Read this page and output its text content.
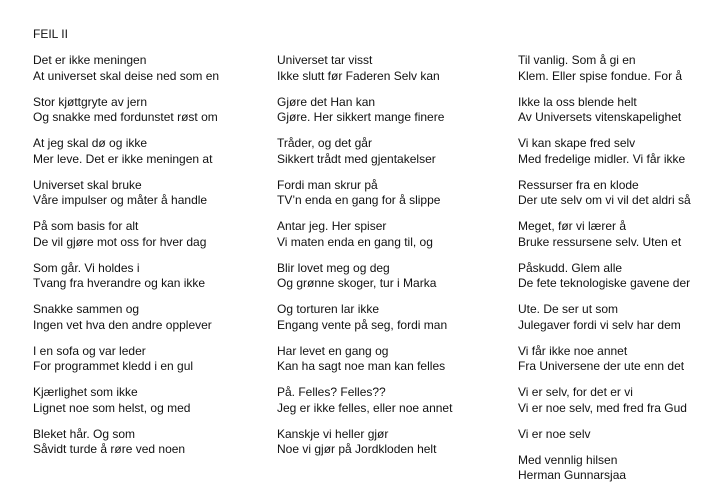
FEIL II
Det er ikke meningen
At universet skal deise ned som en
Stor kjøttgryte av jern
Og snakke med fordunstet røst om
At jeg skal dø og ikke
Mer leve. Det er ikke meningen at
Universet skal bruke
Våre impulser og måter å handle
På som basis for alt
De vil gjøre mot oss for hver dag
Som går. Vi holdes i
Tvang fra hverandre og kan ikke
Snakke sammen og
Ingen vet hva den andre opplever
I en sofa og var leder
For programmet kledd i en gul
Kjærlighet som ikke
Lignet noe som helst, og med
Bleket hår. Og som
Såvidt turde å røre ved noen
Universet tar visst
Ikke slutt før Faderen Selv kan
Gjøre det Han kan
Gjøre. Her sikkert mange finere
Tråder, og det går
Sikkert trådt med gjentakelser
Fordi man skrur på
TV’n enda en gang for å slippe
Antar jeg. Her spiser
Vi maten enda en gang til, og
Blir lovet meg og deg
Og grønne skoger, tur i Marka
Og torturen lar ikke
Engang vente på seg, fordi man
Har levet en gang og
Kan ha sagt noe man kan felles
På. Felles? Felles??
Jeg er ikke felles, eller noe annet
Kanskje vi heller gjør
Noe vi gjør på Jordkloden helt
Til vanlig. Som å gi en
Klem. Eller spise fondue. For å
Ikke la oss blende helt
Av Universets vitenskapelighet
Vi kan skape fred selv
Med fredelige midler. Vi får ikke
Ressurser fra en klode
Der ute selv om vi vil det aldri så
Meget, før vi lærer å
Bruke ressursene selv. Uten et
Påskudd. Glem alle
De fete teknologiske gavene der
Ute. De ser ut som
Julegaver fordi vi selv har dem
Vi får ikke noe annet
Fra Universene der ute enn det
Vi er selv, for det er vi
Vi er noe selv, med fred fra Gud
Vi er noe selv
Med vennlig hilsen
Herman Gunnarsjaa
